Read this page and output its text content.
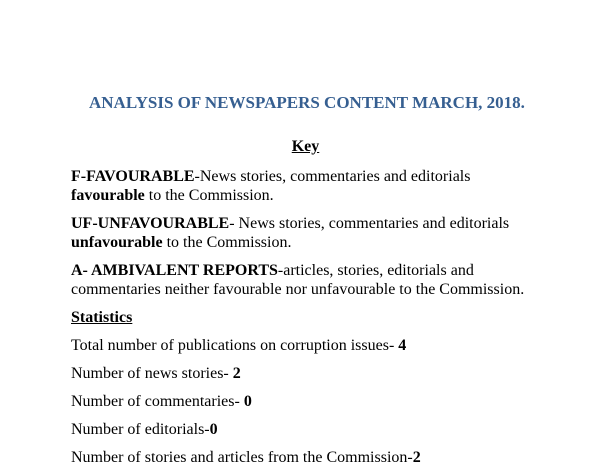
ANALYSIS OF NEWSPAPERS CONTENT MARCH, 2018.

Key

F-FAVOURABLE-News stories, commentaries and editorials favourable to the Commission.

UF-UNFAVOURABLE- News stories, commentaries and editorials unfavourable to the Commission.

A- AMBIVALENT REPORTS-articles, stories, editorials and commentaries neither favourable nor unfavourable to the Commission.

Statistics

Total number of publications on corruption issues- 4

Number of news stories- 2

Number of commentaries- 0

Number of editorials-0

Number of stories and articles from the Commission-2
